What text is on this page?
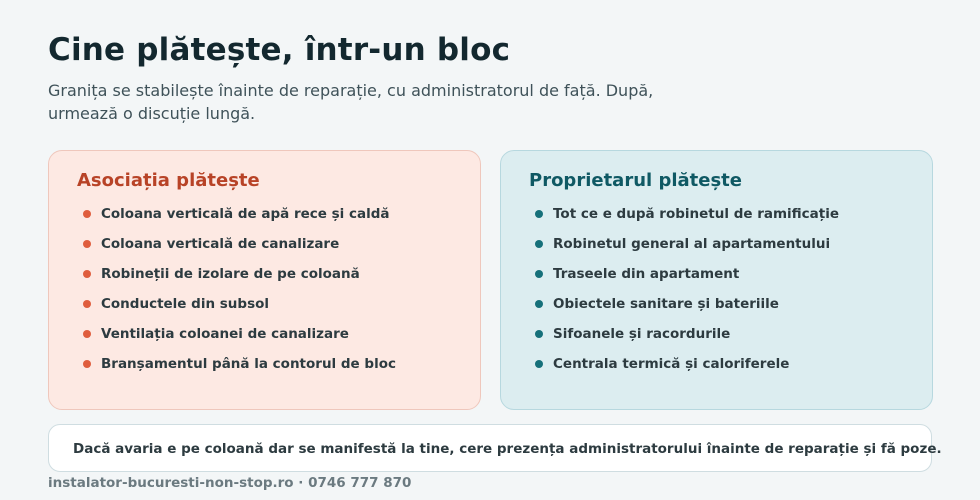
Cine plătește, într-un bloc

Granița se stabilește înainte de reparație, cu administratorul de față. După, urmează o discuție lungă.

Asociația plătește
Coloana verticală de apă rece și caldă
Coloana verticală de canalizare
Robineții de izolare de pe coloană
Conductele din subsol
Ventilația coloanei de canalizare
Branșamentul până la contorul de bloc
Proprietarul plătește
Tot ce e după robinetul de ramificație
Robinetul general al apartamentului
Traseele din apartament
Obiectele sanitare și bateriile
Sifoanele și racordurile
Centrala termică și caloriferele
Dacă avaria e pe coloană dar se manifestă la tine, cere prezența administratorului înainte de reparație și fă poze.
instalator-bucuresti-non-stop.ro · 0746 777 870
